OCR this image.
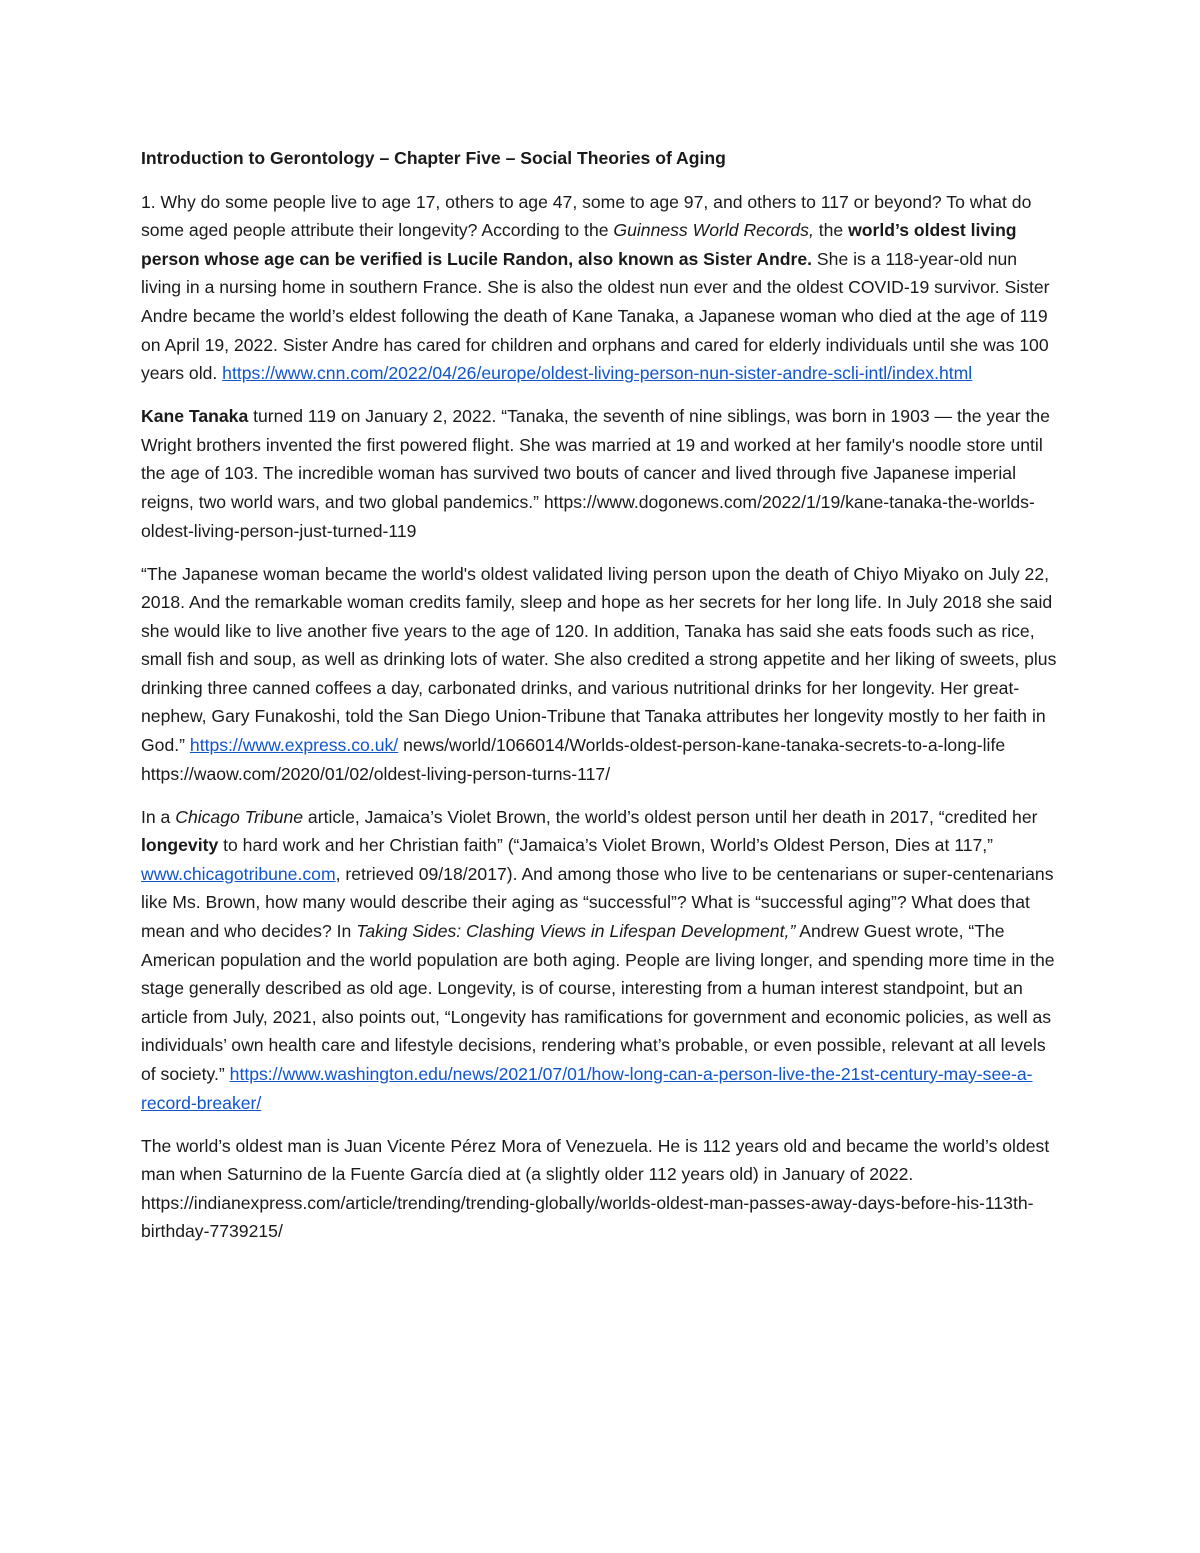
Introduction to Gerontology – Chapter Five – Social Theories of Aging

1. Why do some people live to age 17, others to age 47, some to age 97, and others to 117 or beyond? To what do some aged people attribute their longevity? According to the Guinness World Records, the world’s oldest living person whose age can be verified is Lucile Randon, also known as Sister Andre. She is a 118-year-old nun living in a nursing home in southern France. She is also the oldest nun ever and the oldest COVID-19 survivor. Sister Andre became the world’s eldest following the death of Kane Tanaka, a Japanese woman who died at the age of 119 on April 19, 2022. Sister Andre has cared for children and orphans and cared for elderly individuals until she was 100 years old. https://www.cnn.com/2022/04/26/europe/oldest-living-person-nun-sister-andre-scli-intl/index.html

Kane Tanaka turned 119 on January 2, 2022. “Tanaka, the seventh of nine siblings, was born in 1903 — the year the Wright brothers invented the first powered flight. She was married at 19 and worked at her family's noodle store until the age of 103. The incredible woman has survived two bouts of cancer and lived through five Japanese imperial reigns, two world wars, and two global pandemics.” https://www.dogonews.com/2022/1/19/kane-tanaka-the-worlds-oldest-living-person-just-turned-119

“The Japanese woman became the world's oldest validated living person upon the death of Chiyo Miyako on July 22, 2018. And the remarkable woman credits family, sleep and hope as her secrets for her long life. In July 2018 she said she would like to live another five years to the age of 120. In addition, Tanaka has said she eats foods such as rice, small fish and soup, as well as drinking lots of water. She also credited a strong appetite and her liking of sweets, plus drinking three canned coffees a day, carbonated drinks, and various nutritional drinks for her longevity. Her great-nephew, Gary Funakoshi, told the San Diego Union-Tribune that Tanaka attributes her longevity mostly to her faith in God.” https://www.express.co.uk/ news/world/1066014/Worlds-oldest-person-kane-tanaka-secrets-to-a-long-lifehttps://waow.com/2020/01/02/oldest-living-person-turns-117/

In a Chicago Tribune article, Jamaica’s Violet Brown, the world’s oldest person until her death in 2017, “credited her longevity to hard work and her Christian faith” (“Jamaica’s Violet Brown, World’s Oldest Person, Dies at 117,” www.chicagotribune.com, retrieved 09/18/2017). And among those who live to be centenarians or super-centenarians like Ms. Brown, how many would describe their aging as “successful”? What is “successful aging”? What does that mean and who decides? In Taking Sides: Clashing Views in Lifespan Development,” Andrew Guest wrote, “The American population and the world population are both aging. People are living longer, and spending more time in the stage generally described as old age. Longevity, is of course, interesting from a human interest standpoint, but an article from July, 2021, also points out, “Longevity has ramifications for government and economic policies, as well as individuals’ own health care and lifestyle decisions, rendering what’s probable, or even possible, relevant at all levels of society.” https://www.washington.edu/news/2021/07/01/how-long-can-a-person-live-the-21st-century-may-see-a-record-breaker/

The world’s oldest man is Juan Vicente Pérez Mora of Venezuela. He is 112 years old and became the world’s oldest man when Saturnino de la Fuente García died at (a slightly older 112 years old) in January of 2022. https://indianexpress.com/article/trending/trending-globally/worlds-oldest-man-passes-away-days-before-his-113th-birthday-7739215/
